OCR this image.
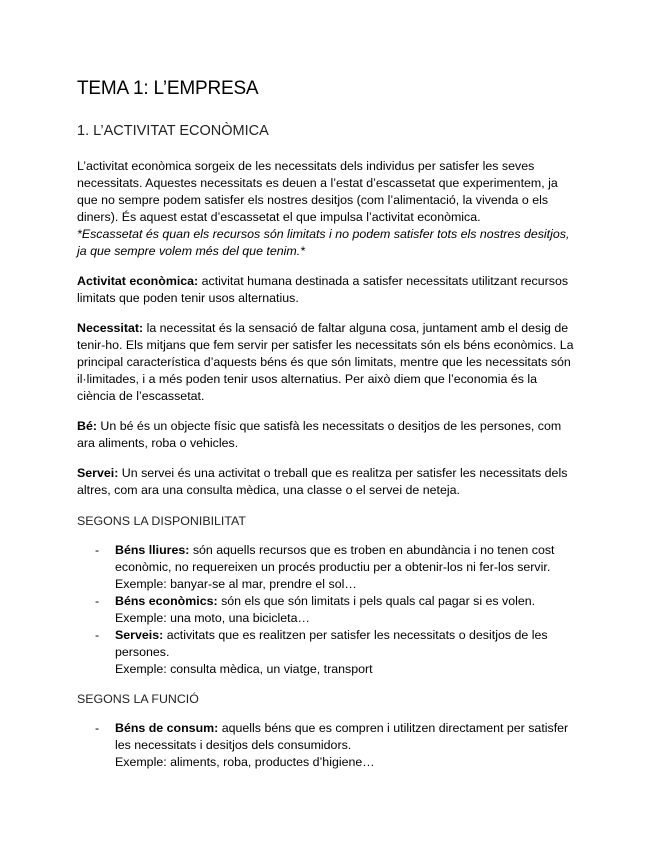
TEMA 1: L’EMPRESA
1. L’ACTIVITAT ECONÒMICA
L’activitat econòmica sorgeix de les necessitats dels individus per satisfer les seves necessitats. Aquestes necessitats es deuen a l’estat d’escassetat que experimentem, ja que no sempre podem satisfer els nostres desitjos (com l’alimentació, la vivenda o els diners). És aquest estat d’escassetat el que impulsa l’activitat econòmica.
*Escassetat és quan els recursos són limitats i no podem satisfer tots els nostres desitjos, ja que sempre volem més del que tenim.*
Activitat econòmica: activitat humana destinada a satisfer necessitats utilitzant recursos limitats que poden tenir usos alternatius.
Necessitat: la necessitat és la sensació de faltar alguna cosa, juntament amb el desig de tenir-ho. Els mitjans que fem servir per satisfer les necessitats són els béns econòmics. La principal característica d’aquests béns és que són limitats, mentre que les necessitats són il·limitades, i a més poden tenir usos alternatius. Per això diem que l’economia és la ciència de l’escassetat.
Bé: Un bé és un objecte físic que satisfà les necessitats o desitjos de les persones, com ara aliments, roba o vehicles.
Servei: Un servei és una activitat o treball que es realitza per satisfer les necessitats dels altres, com ara una consulta mèdica, una classe o el servei de neteja.
SEGONS LA DISPONIBILITAT
- Béns lliures: són aquells recursos que es troben en abundància i no tenen cost econòmic, no requereixen un procés productiu per a obtenir-los ni fer-los servir.
Exemple: banyar-se al mar, prendre el sol…
- Béns econòmics: són els que són limitats i pels quals cal pagar si es volen.
Exemple: una moto, una bicicleta…
- Serveis: activitats que es realitzen per satisfer les necessitats o desitjos de les persones.
Exemple: consulta mèdica, un viatge, transport
SEGONS LA FUNCIÓ
- Béns de consum: aquells béns que es compren i utilitzen directament per satisfer les necessitats i desitjos dels consumidors.
Exemple: aliments, roba, productes d’higiene…
